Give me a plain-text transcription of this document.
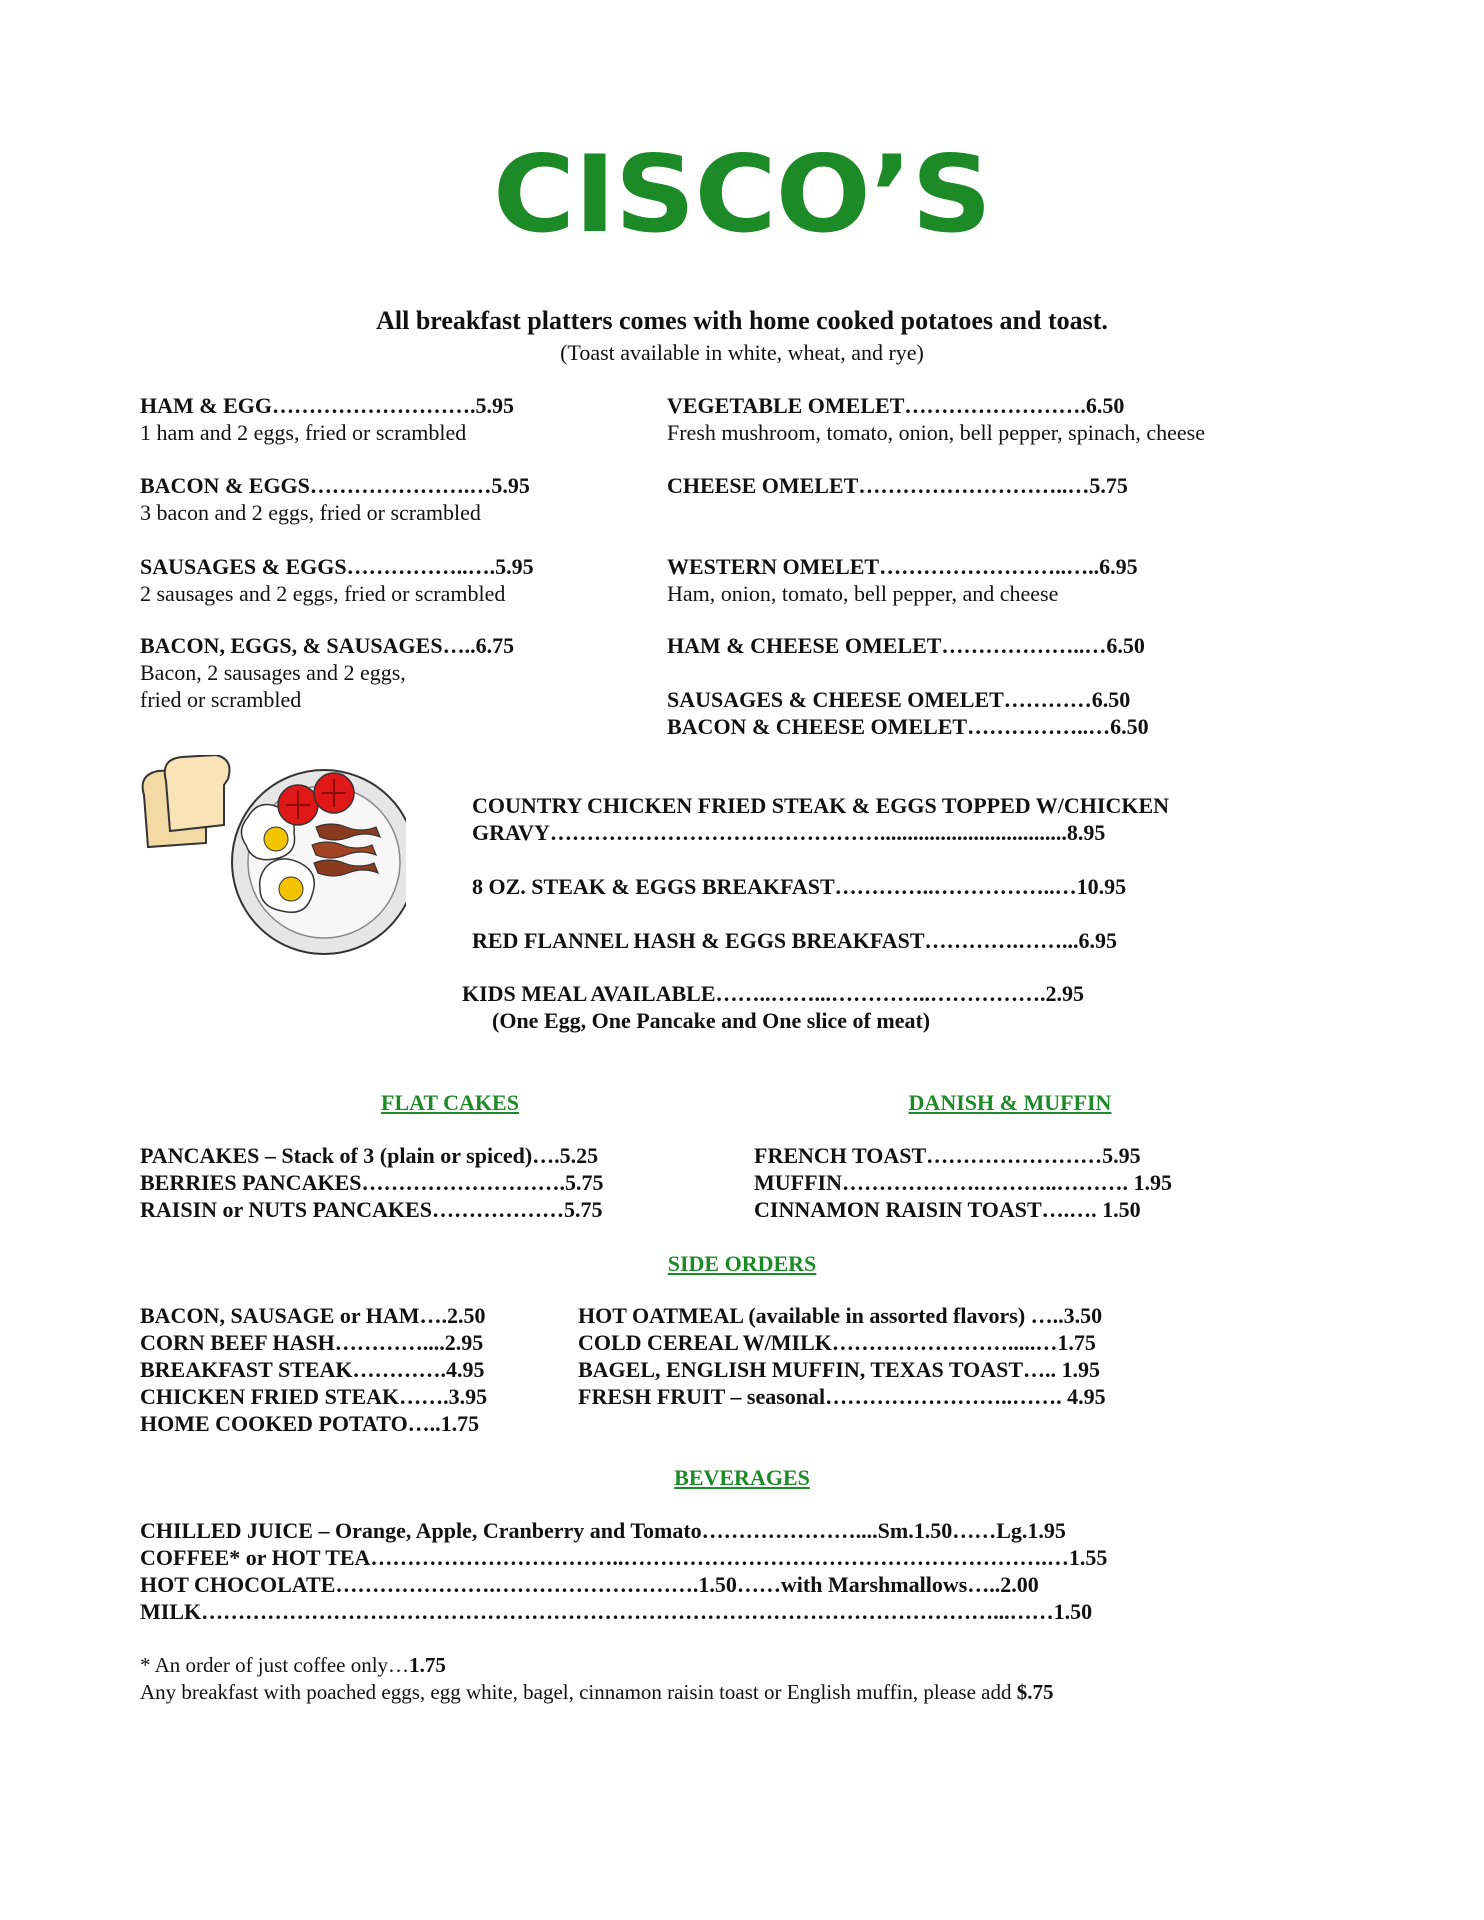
CISCO’S
All breakfast platters comes with home cooked potatoes and toast.
(Toast available in white, wheat, and rye)
HAM & EGG……………………….5.95
1 ham and 2 eggs, fried or scrambled
BACON & EGGS………………….…5.95
3 bacon and 2 eggs, fried or scrambled
SAUSAGES & EGGS……………..….5.95
2 sausages and 2 eggs, fried or scrambled
BACON, EGGS, & SAUSAGES…..6.75
Bacon, 2 sausages and 2 eggs,
fried or scrambled
VEGETABLE OMELET…………………….6.50
Fresh mushroom, tomato, onion, bell pepper, spinach, cheese
CHEESE OMELET………………………..…5.75
WESTERN OMELET……………………..…..6.95
Ham, onion, tomato, bell pepper, and cheese
HAM & CHEESE OMELET………………..…6.50
SAUSAGES & CHEESE OMELET…………6.50
BACON & CHEESE OMELET……………..…6.50
COUNTRY CHICKEN FRIED STEAK & EGGS TOPPED W/CHICKEN
GRAVY………………………………………..................................8.95
8 OZ. STEAK & EGGS BREAKFAST…………..……………..…10.95
RED FLANNEL HASH & EGGS BREAKFAST………….……...6.95
KIDS MEAL AVAILABLE……..……...…………..…………….2.95
(One Egg, One Pancake and One slice of meat)
FLAT CAKES
PANCAKES – Stack of 3 (plain or spiced)….5.25
BERRIES PANCAKES……………………….5.75
RAISIN or NUTS PANCAKES………………5.75
DANISH & MUFFIN
FRENCH TOAST……………………5.95
MUFFIN……………….………..………. 1.95
CINNAMON RAISIN TOAST….…. 1.50
SIDE ORDERS
BACON, SAUSAGE or HAM….2.50
CORN BEEF HASH…………....2.95
BREAKFAST STEAK………….4.95
CHICKEN FRIED STEAK…….3.95
HOME COOKED POTATO…..1.75
HOT OATMEAL (available in assorted flavors) …..3.50
COLD CEREAL W/MILK…………………….....…1.75
BAGEL, ENGLISH MUFFIN, TEXAS TOAST….. 1.95
FRESH FRUIT – seasonal……………………..……. 4.95
BEVERAGES
CHILLED JUICE – Orange, Apple, Cranberry and Tomato…………………....Sm.1.50……Lg.1.95
COFFEE* or HOT TEA……………………………..………………………………………………….…1.55
HOT CHOCOLATE………………….……………………….1.50……with Marshmallows…..2.00
MILK………………………………………………………………………………………………...……1.50
* An order of just coffee only…1.75
Any breakfast with poached eggs, egg white, bagel, cinnamon raisin toast or English muffin, please add $.75
